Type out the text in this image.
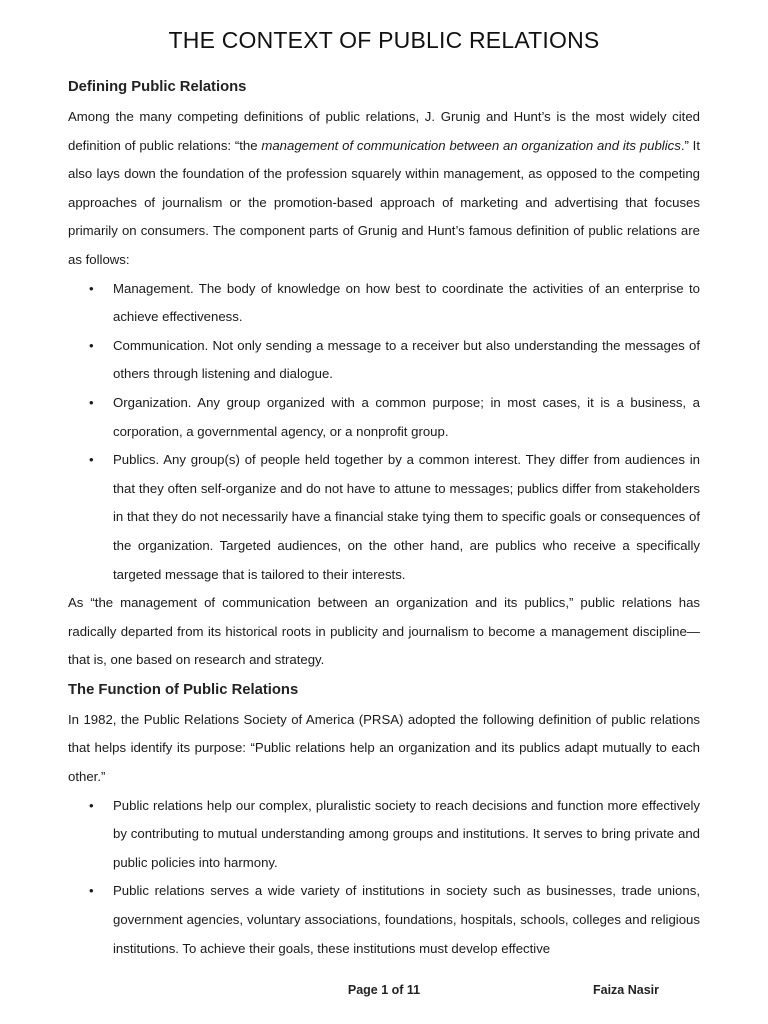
THE CONTEXT OF PUBLIC RELATIONS
Defining Public Relations

Among the many competing definitions of public relations, J. Grunig and Hunt’s is the most widely cited definition of public relations: “the management of communication between an organization and its publics.” It also lays down the foundation of the profession squarely within management, as opposed to the competing approaches of journalism or the promotion-based approach of marketing and advertising that focuses primarily on consumers. The component parts of Grunig and Hunt’s famous definition of public relations are as follows:

• Management. The body of knowledge on how best to coordinate the activities of an enterprise to achieve effectiveness.
• Communication. Not only sending a message to a receiver but also understanding the messages of others through listening and dialogue.
• Organization. Any group organized with a common purpose; in most cases, it is a business, a corporation, a governmental agency, or a nonprofit group.
• Publics. Any group(s) of people held together by a common interest. They differ from audiences in that they often self-organize and do not have to attune to messages; publics differ from stakeholders in that they do not necessarily have a financial stake tying them to specific goals or consequences of the organization. Targeted audiences, on the other hand, are publics who receive a specifically targeted message that is tailored to their interests.

As “the management of communication between an organization and its publics,” public relations has radically departed from its historical roots in publicity and journalism to become a management discipline—that is, one based on research and strategy.

The Function of Public Relations

In 1982, the Public Relations Society of America (PRSA) adopted the following definition of public relations that helps identify its purpose: “Public relations help an organization and its publics adapt mutually to each other.”

• Public relations help our complex, pluralistic society to reach decisions and function more effectively by contributing to mutual understanding among groups and institutions. It serves to bring private and public policies into harmony.
• Public relations serves a wide variety of institutions in society such as businesses, trade unions, government agencies, voluntary associations, foundations, hospitals, schools, colleges and religious institutions. To achieve their goals, these institutions must develop effective
Page 1 of 11	Faiza Nasir
